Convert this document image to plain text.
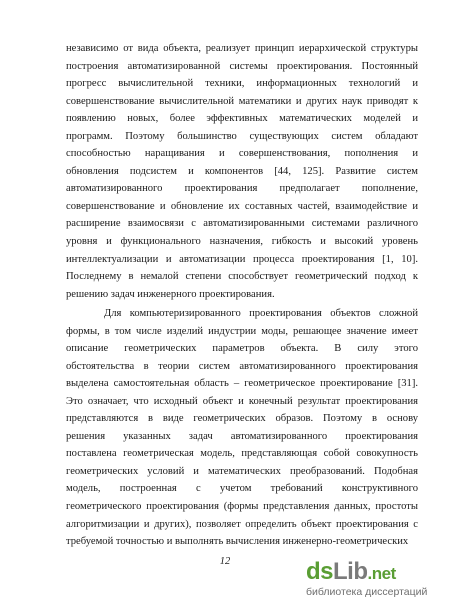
независимо от вида объекта, реализует принцип иерархической структуры
построения автоматизированной системы проектирования. Постоянный
прогресс вычислительной техники, информационных технологий и
совершенствование вычислительной математики и других наук приводят к
появлению новых, более эффективных математических моделей и
программ. Поэтому большинство существующих систем обладают
способностью наращивания и совершенствования, пополнения и
обновления подсистем и компонентов [44, 125]. Развитие систем
автоматизированного проектирования предполагает пополнение,
совершенствование и обновление их составных частей, взаимодействие и
расширение взаимосвязи с автоматизированными системами различного
уровня и функционального назначения, гибкость и высокий уровень
интеллектуализации и автоматизации процесса проектирования [1, 10].
Последнему в немалой степени способствует геометрический подход к
решению задач инженерного проектирования.
Для компьютеризированного проектирования объектов сложной
формы, в том числе изделий индустрии моды, решающее значение имеет
описание геометрических параметров объекта. В силу этого
обстоятельства в теории систем автоматизированного проектирования
выделена самостоятельная область – геометрическое проектирование [31].
Это означает, что исходный объект и конечный результат проектирования
представляются в виде геометрических образов. Поэтому в основу
решения указанных задач автоматизированного проектирования
поставлена геометрическая модель, представляющая собой совокупность
геометрических условий и математических преобразований. Подобная
модель, построенная с учетом требований конструктивного
геометрического проектирования (формы представления данных, простоты
алгоритмизации и других), позволяет определить объект проектирования с
требуемой точностью и выполнять вычисления инженерно-геометрических
12	dsLib.net
библиотека диссертаций
